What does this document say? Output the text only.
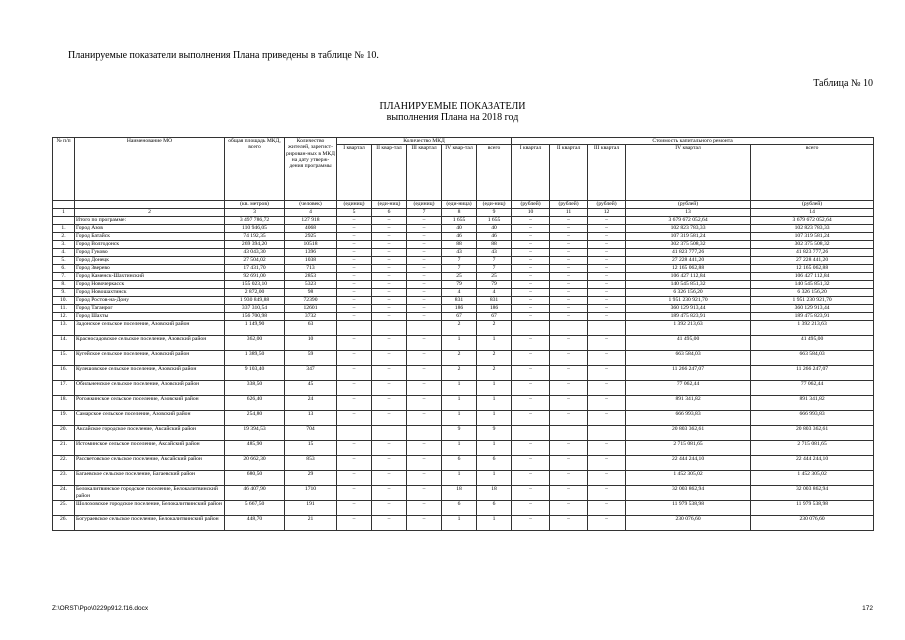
Планируемые показатели выполнения Плана приведены в таблице № 10.
Таблица № 10
ПЛАНИРУЕМЫЕ ПОКАЗАТЕЛИ
выполнения Плана на 2018 год
№ п/п	Наименование МО	общая площадь МКД, всего	Количество жителей, зарегист-рирован-ных в МКД на дату утверж-дения программы	Количество МКД					Стоимость капитального ремонта				
				I квартал	II квар-тал	III квартал	IV квар-тал	всего	I квартал	II квартал	III квартал	IV квартал	всего
		(кв. метров)	(человек)	(единиц)	(еди-ниц)	(единиц)	(еди-ница)	(еди-ниц)	(рублей)	(рублей)	(рублей)	(рублей)	(рублей)
1	2	3	4	5	6	7	8	9	10	11	12	13	14
	Итого по программе:	3 497 786,72	127 918	–	–	–	1 655	1 655	–	–	–	3 679 672 052,64	3 679 672 052,64
1.	Город Азов	110 946,05	4068	–	–	–	40	40	–	–	–	102 823 783,33	102 823 783,33
2.	Город Батайск	74 192,35	2925	–	–	–	46	46	–	–	–	107 319 581,24	107 319 581,24
3.	Город Волгодонск	269 394,20	10518	–	–	–	88	88	–	–	–	302 375 508,32	302 375 508,32
4.	Город Гуково	43 043,30	1396	–	–	–	43	43	–	–	–	41 823 777,26	41 823 777,26
5.	Город Донецк	27 504,02	1038	–	–	–	7	7	–	–	–	27 228 441,20	27 228 441,20
6.	Город Зверево	17 431,70	713	–	–	–	7	7	–	–	–	12 165 062,88	12 165 062,88
7.	Город Каменск-Шахтинский	92 691,00	2853	–	–	–	25	25	–	–	–	106 427 112,84	106 427 112,84
8.	Город Новочеркасск	155 023,10	5323	–	–	–	79	79	–	–	–	140 545 851,32	140 545 851,32
9.	Город Новошахтинск	2 872,00	98	–	–	–	4	4	–	–	–	6 326 156,20	6 326 156,20
10.	Город Ростов-на-Дону	1 930 849,88	72390	–	–	–	831	831	–	–	–	1 951 230 921,70	1 951 230 921,70
11.	Город Таганрог	337 310,54	12601	–	–	–	186	186	–	–	–	360 129 913,44	360 129 913,44
12.	Город Шахты	156 700,98	3732	–	–	–	67	67	–	–	–	189 475 823,91	189 475 823,91
13.	Задонское сельское поселение, Азовский район	1 149,90	63				2	2				1 392 213,63	1 392 213,63
14.	Красносадовское сельское поселение, Азовский район	362,00	10	–	–	–	1	1	–	–	–	41 495,00	41 495,00
15.	Кугейское сельское поселение, Азовский район	1 389,50	59	–	–	–	2	2	–	–	–	663 584,03	663 584,03
16.	Кулешовское сельское поселение, Азовский район	9 103,40	347	–	–	–	2	2	–	–	–	11 266 247,07	11 266 247,07
17.	Обильненское сельское поселение, Азовский район	338,50	45	–	–	–	1	1	–	–	–	77 062,44	77 062,44
18.	Рогожкинское сельское поселение, Азовский район	626,40	24	–	–	–	1	1	–	–	–	891 341,82	891 341,82
19.	Самарское сельское поселение, Азовский район	254,80	13	–	–	–	1	1	–	–	–	666 993,83	666 993,83
20.	Аксайское городское поселение, Аксайский район	19 394,53	704				9	9				20 803 362,61	20 803 362,61
21.	Истоминское сельское поселение, Аксайский район	485,90	15	–	–	–	1	1	–	–	–	2 715 081,65	2 715 081,65
22.	Рассветовское сельское поселение, Аксайский район	20 662,30	853	–	–	–	6	6	–	–	–	22 444 244,10	22 444 244,10
23.	Багаевское сельское поселение, Багаевский район	680,50	29	–	–	–	1	1	–	–	–	1 452 305,02	1 452 305,02
24.	Белокалитвинское городское поселение, Белокалитвинский район	46 407,90	1710	–	–	–	18	18	–	–	–	32 003 862,94	32 003 862,94
25.	Шолоховское городское поселение, Белокалитвинский район	5 667,50	191	–	–	–	6	6	–	–	–	11 979 538,98	11 979 538,98
26.	Богураевское сельское поселение, Белокалитвинский район	448,70	21	–	–	–	1	1	–	–	–	230 076,60	230 076,60
Z:\ORST\Ppo\0229p912.f16.docx	172
